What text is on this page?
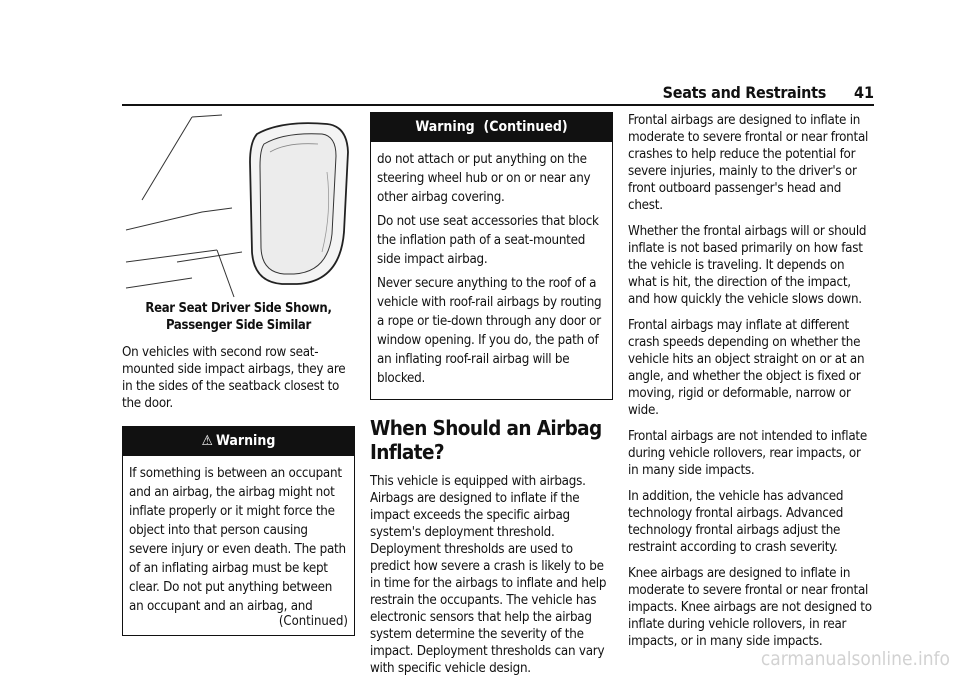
Seats and Restraints 41
Rear Seat Driver Side Shown, Passenger Side Similar

On vehicles with second row seat-mounted side impact airbags, they are in the sides of the seatback closest to the door.

⚠ Warning

If something is between an occupant and an airbag, the airbag might not inflate properly or it might force the object into that person causing severe injury or even death. The path of an inflating airbag must be kept clear. Do not put anything between an occupant and an airbag, and

(Continued)
Warning  (Continued)

do not attach or put anything on the steering wheel hub or on or near any other airbag covering.

Do not use seat accessories that block the inflation path of a seat-mounted side impact airbag.

Never secure anything to the roof of a vehicle with roof-rail airbags by routing a rope or tie-down through any door or window opening. If you do, the path of an inflating roof-rail airbag will be blocked.

When Should an Airbag Inflate?

This vehicle is equipped with airbags. Airbags are designed to inflate if the impact exceeds the specific airbag system's deployment threshold. Deployment thresholds are used to predict how severe a crash is likely to be in time for the airbags to inflate and help restrain the occupants. The vehicle has electronic sensors that help the airbag system determine the severity of the impact. Deployment thresholds can vary with specific vehicle design.

Frontal airbags are designed to inflate in moderate to severe frontal or near frontal crashes to help reduce the potential for severe injuries, mainly to the driver's or front outboard passenger's head and chest.

Whether the frontal airbags will or should inflate is not based primarily on how fast the vehicle is traveling. It depends on what is hit, the direction of the impact, and how quickly the vehicle slows down.

Frontal airbags may inflate at different crash speeds depending on whether the vehicle hits an object straight on or at an angle, and whether the object is fixed or moving, rigid or deformable, narrow or wide.

Frontal airbags are not intended to inflate during vehicle rollovers, rear impacts, or in many side impacts.

In addition, the vehicle has advanced technology frontal airbags. Advanced technology frontal airbags adjust the restraint according to crash severity.

Knee airbags are designed to inflate in moderate to severe frontal or near frontal impacts. Knee airbags are not designed to inflate during vehicle rollovers, in rear impacts, or in many side impacts.

carmanualsonline.info
